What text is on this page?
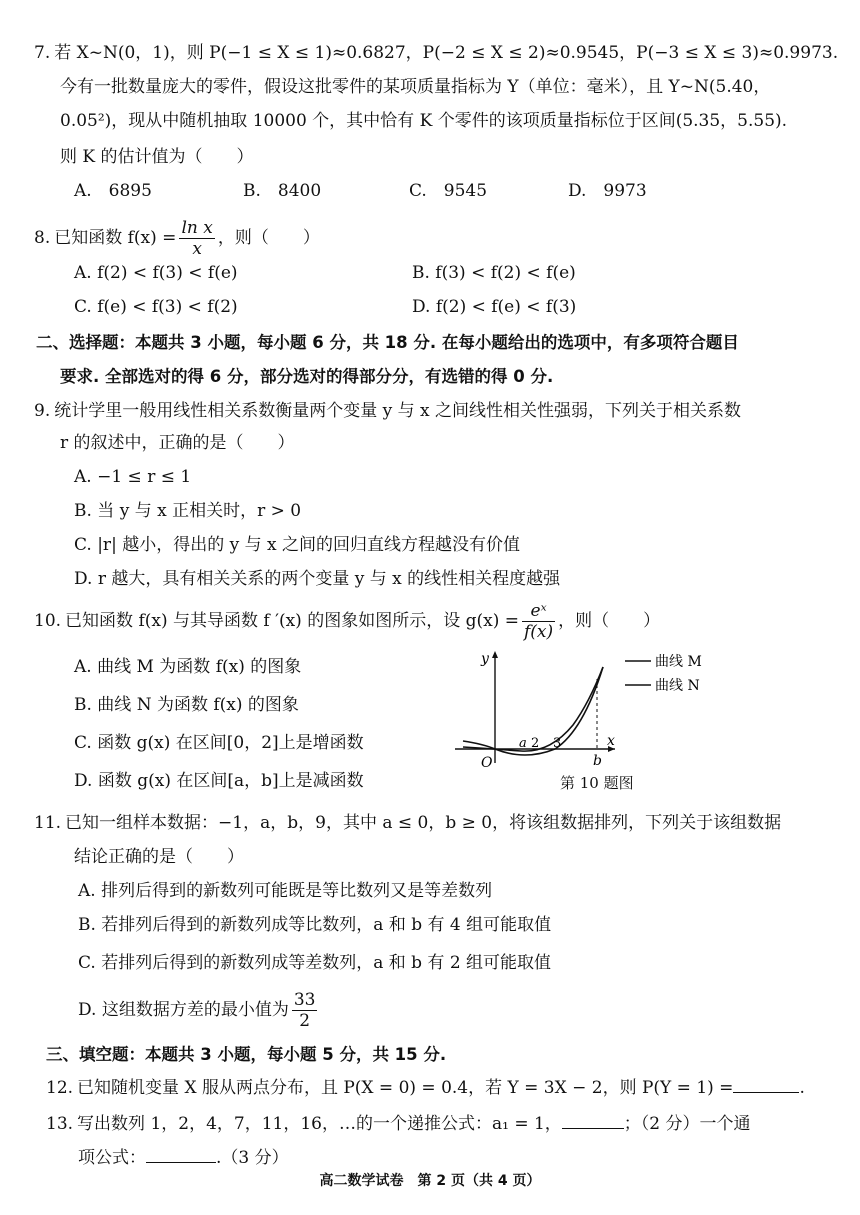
7. 若 X~N(0，1)，则 P(−1 ≤ X ≤ 1)≈0.6827，P(−2 ≤ X ≤ 2)≈0.9545，P(−3 ≤ X ≤ 3)≈0.9973.
今有一批数量庞大的零件，假设这批零件的某项质量指标为 Y（单位：毫米），且 Y~N(5.40，
0.05²)，现从中随机抽取 10000 个，其中恰有 K 个零件的该项质量指标位于区间(5.35，5.55).
则 K 的估计值为（　　）
A.　6895	B.　8400	C.　9545	D.　9973
8. 已知函数 $f(x) = \frac{\text{ln x}}{x}$ ，则（　　）
A. f(2) < f(3) < f(e)	B. f(3) < f(2) < f(e)
C. f(e) < f(3) < f(2)	D. f(2) < f(e) < f(3)
二、选择题：本题共 3 小题，每小题 6 分，共 18 分. 在每小题给出的选项中，有多项符合题目
要求. 全部选对的得 6 分，部分选对的得部分分，有选错的得 0 分.
9. 统计学里一般用线性相关系数衡量两个变量 y 与 x 之间线性相关性强弱，下列关于相关系数
r 的叙述中，正确的是（　　）
A. −1 ≤ r ≤ 1
B. 当 y 与 x 正相关时，r > 0
C. |r| 越小，得出的 y 与 x 之间的回归直线方程越没有价值
D. r 越大，具有相关关系的两个变量 y 与 x 的线性相关程度越强
10. 已知函数 f(x) 与其导函数 f ′(x) 的图象如图所示，设 $g(x) = \frac{\text{eˣ}}{f(x)}$ ，则（　　）
A. 曲线 M 为函数 f(x) 的图象
B. 曲线 N 为函数 f(x) 的图象
C. 函数 g(x) 在区间[0，2]上是增函数
D. 函数 g(x) 在区间[a，b]上是减函数
y
x
O
a 2 3
b
曲线 M
曲线 N
第 10 题图
11. 已知一组样本数据：−1，a，b，9，其中 a ≤ 0，b ≥ 0，将该组数据排列，下列关于该组数据
结论正确的是（　　）
A. 排列后得到的新数列可能既是等比数列又是等差数列
B. 若排列后得到的新数列成等比数列，a 和 b 有 4 组可能取值
C. 若排列后得到的新数列成等差数列，a 和 b 有 2 组可能取值
D. 这组数据方差的最小值为 $\frac{33}{2}$
三、填空题：本题共 3 小题，每小题 5 分，共 15 分.
12. 已知随机变量 X 服从两点分布，且 P(X = 0) = 0.4，若 Y = 3X − 2，则 P(Y = 1) =	.
13. 写出数列 1，2，4，7，11，16，…的一个递推公式：a₁ = 1，	；（2 分）一个通
项公式：	.（3 分）
高二数学试卷　第 2 页（共 4 页）
